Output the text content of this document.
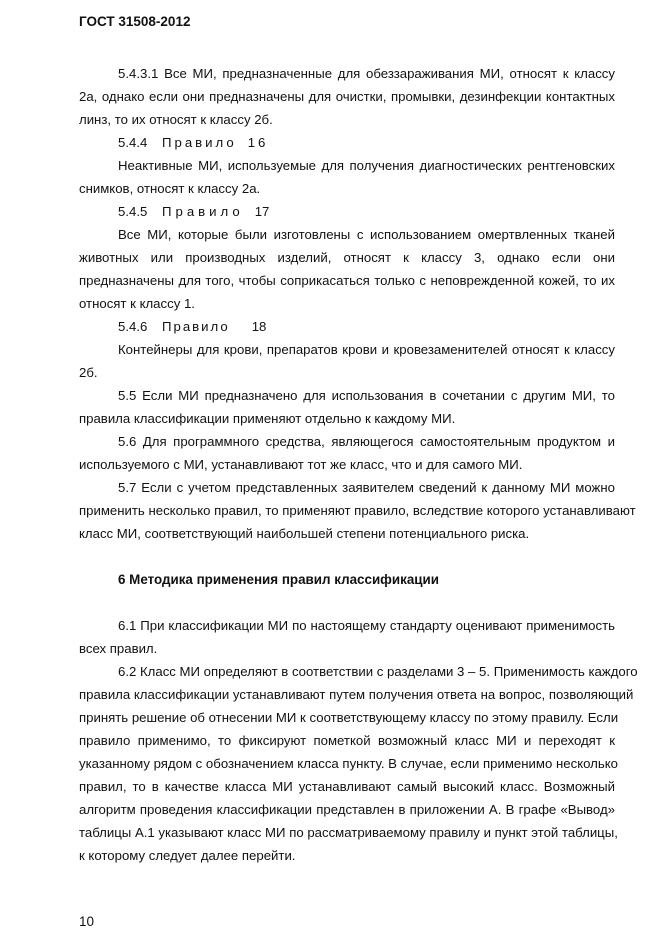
ГОСТ 31508-2012

5.4.3.1 Все МИ, предназначенные для обеззараживания МИ, относят к классу

2а, однако если они предназначены для очистки, промывки, дезинфекции контактных

линз, то их относят к классу 2б.

5.4.4 Правило 16

Неактивные МИ, используемые для получения диагностических рентгеновских

снимков, относят к классу 2а.

5.4.5 Правило 17

Все МИ, которые были изготовлены с использованием омертвленных тканей

животных или производных изделий, относят к классу 3, однако если они

предназначены для того, чтобы соприкасаться только с неповрежденной кожей, то их

относят к классу 1.

5.4.6 Правило 18

Контейнеры для крови, препаратов крови и кровезаменителей относят к классу

2б.

5.5 Если МИ предназначено для использования в сочетании с другим МИ, то

правила классификации применяют отдельно к каждому МИ.

5.6 Для программного средства, являющегося самостоятельным продуктом и

используемого с МИ, устанавливают тот же класс, что и для самого МИ.

5.7 Если с учетом представленных заявителем сведений к данному МИ можно

применить несколько правил, то применяют правило, вследствие которого устанавливают

класс МИ, соответствующий наибольшей степени потенциального риска.

6 Методика применения правил классификации

6.1 При классификации МИ по настоящему стандарту оценивают применимость

всех правил.

6.2 Класс МИ определяют в соответствии с разделами 3 – 5. Применимость каждого

правила классификации устанавливают путем получения ответа на вопрос, позволяющий

принять решение об отнесении МИ к соответствующему классу по этому правилу. Если

правило применимо, то фиксируют пометкой возможный класс МИ и переходят к

указанному рядом с обозначением класса пункту. В случае, если применимо несколько

правил, то в качестве класса МИ устанавливают самый высокий класс. Возможный

алгоритм проведения классификации представлен в приложении А. В графе «Вывод»

таблицы А.1 указывают класс МИ по рассматриваемому правилу и пункт этой таблицы,

к которому следует далее перейти.

10
